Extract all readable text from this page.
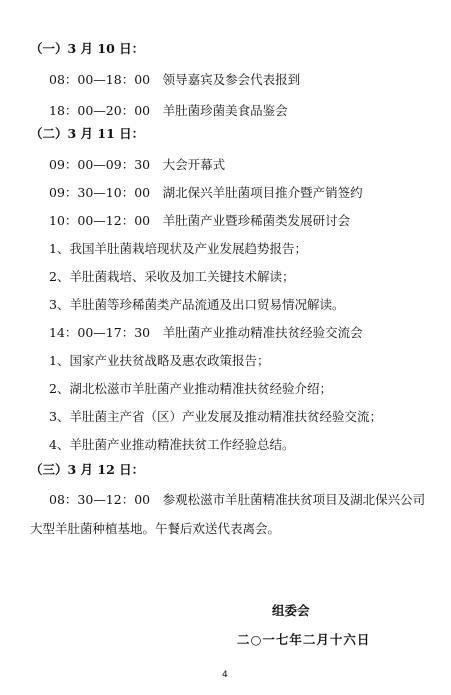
（一）3 月 10 日：
08：00—18：00　领导嘉宾及参会代表报到
18：00—20：00　羊肚菌珍菌美食品鉴会
（二）3 月 11 日：
09：00—09：30　大会开幕式
09：30—10：00　湖北保兴羊肚菌项目推介暨产销签约
10：00—12：00　羊肚菌产业暨珍稀菌类发展研讨会
1、我国羊肚菌栽培现状及产业发展趋势报告；
2、羊肚菌栽培、采收及加工关键技术解读；
3、羊肚菌等珍稀菌类产品流通及出口贸易情况解读。
14：00—17：30　羊肚菌产业推动精准扶贫经验交流会
1、国家产业扶贫战略及惠农政策报告；
2、湖北松滋市羊肚菌产业推动精准扶贫经验介绍；
3、羊肚菌主产省（区）产业发展及推动精准扶贫经验交流；
4、羊肚菌产业推动精准扶贫工作经验总结。
（三）3 月 12 日：
08：30—12：00　参观松滋市羊肚菌精准扶贫项目及湖北保兴公司
大型羊肚菌种植基地。午餐后欢送代表离会。
组委会
二○一七年二月十六日
4
